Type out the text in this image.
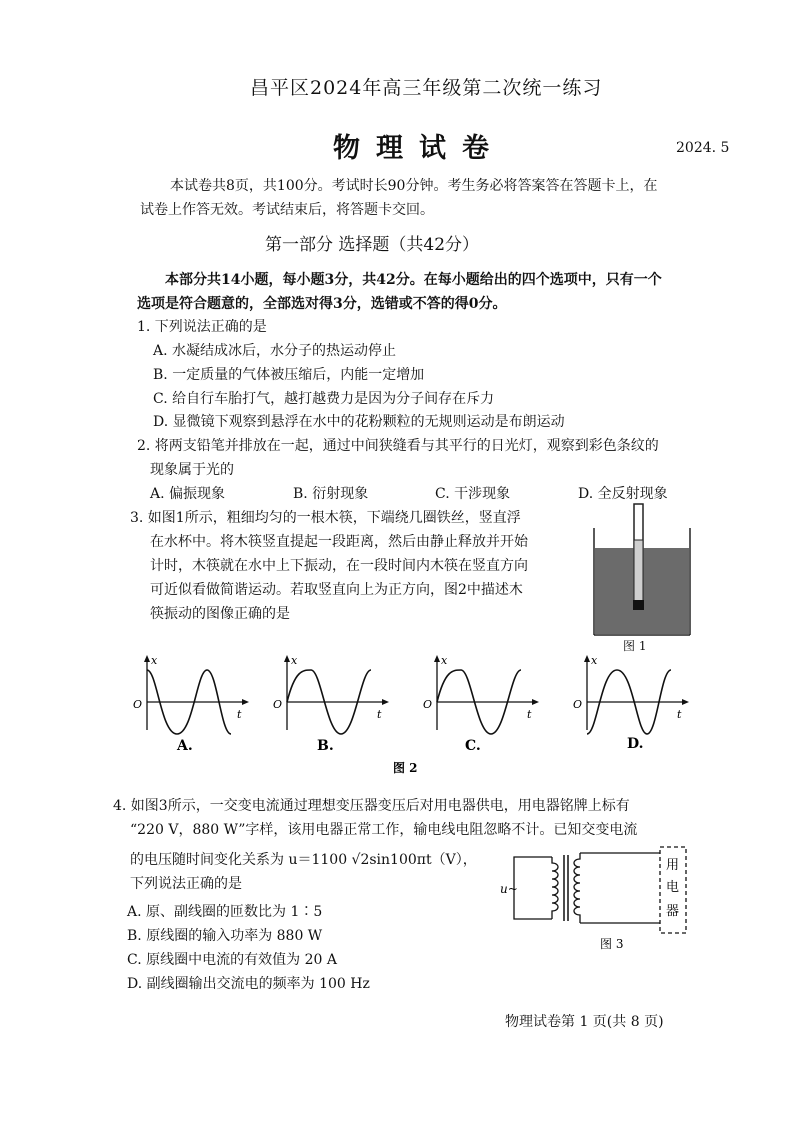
昌平区2024年高三年级第二次统一练习
物理试卷	2024. 5
本试卷共8页，共100分。考试时长90分钟。考生务必将答案答在答题卡上，在
试卷上作答无效。考试结束后，将答题卡交回。
第一部分 选择题（共42分）
本部分共14小题，每小题3分，共42分。在每小题给出的四个选项中，只有一个
选项是符合题意的，全部选对得3分，选错或不答的得0分。
1. 下列说法正确的是
A. 水凝结成冰后，水分子的热运动停止
B. 一定质量的气体被压缩后，内能一定增加
C. 给自行车胎打气，越打越费力是因为分子间存在斥力
D. 显微镜下观察到悬浮在水中的花粉颗粒的无规则运动是布朗运动
2. 将两支铅笔并排放在一起，通过中间狭缝看与其平行的日光灯，观察到彩色条纹的
现象属于光的
A. 偏振现象	B. 衍射现象	C. 干涉现象	D. 全反射现象
3. 如图1所示，粗细均匀的一根木筷，下端绕几圈铁丝，竖直浮
在水杯中。将木筷竖直提起一段距离，然后由静止释放并开始
计时，木筷就在水中上下振动，在一段时间内木筷在竖直方向
可近似看做简谐运动。若取竖直向上为正方向，图2中描述木
筷振动的图像正确的是
图 1
x
O
t
A.
x
O
t
B.
x
O
t
C.
x
O
t
D.
图 2
4. 如图3所示，一交变电流通过理想变压器变压后对用电器供电，用电器铭牌上标有
“220 V，880 W”字样，该用电器正常工作，输电线电阻忽略不计。已知交变电流
的电压随时间变化关系为 u＝1100 √2sin100πt（V），
下列说法正确的是
A. 原、副线圈的匝数比为 1∶5
B. 原线圈的输入功率为 880 W
C. 原线圈中电流的有效值为 20 A
D. 副线圈输出交流电的频率为 100 Hz
u~
用
电
器
图 3
物理试卷第 1 页(共 8 页)
